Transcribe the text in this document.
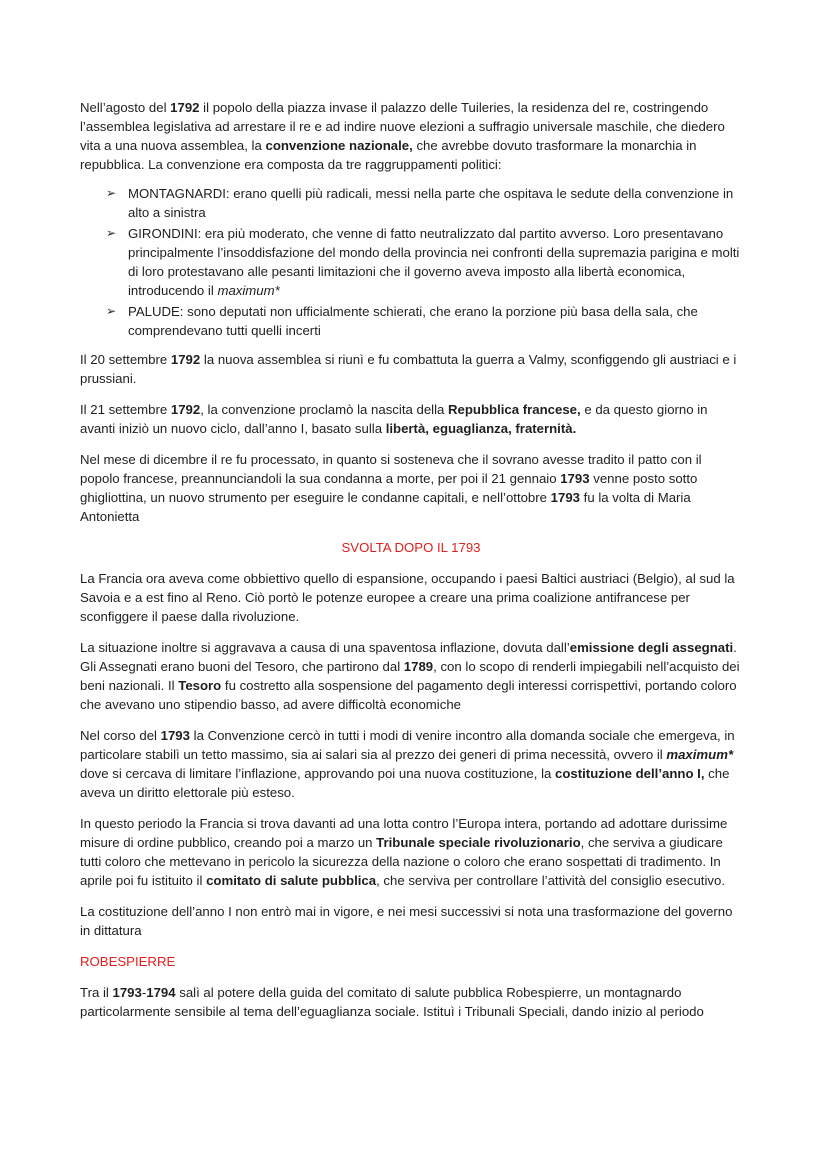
Nell’agosto del 1792 il popolo della piazza invase il palazzo delle Tuileries, la residenza del re, costringendo l’assemblea legislativa ad arrestare il re e ad indire nuove elezioni a suffragio universale maschile, che diedero vita a una nuova assemblea, la convenzione nazionale, che avrebbe dovuto trasformare la monarchia in repubblica. La convenzione era composta da tre raggruppamenti politici:

➢ MONTAGNARDI: erano quelli più radicali, messi nella parte che ospitava le sedute della convenzione in alto a sinistra
➢ GIRONDINI: era più moderato, che venne di fatto neutralizzato dal partito avverso. Loro presentavano principalmente l’insoddisfazione del mondo della provincia nei confronti della supremazia parigina e molti di loro protestavano alle pesanti limitazioni che il governo aveva imposto alla libertà economica, introducendo il maximum*
➢ PALUDE: sono deputati non ufficialmente schierati, che erano la porzione più basa della sala, che comprendevano tutti quelli incerti

Il 20 settembre 1792 la nuova assemblea si riunì e fu combattuta la guerra a Valmy, sconfiggendo gli austriaci e i prussiani.

Il 21 settembre 1792, la convenzione proclamò la nascita della Repubblica francese, e da questo giorno in avanti iniziò un nuovo ciclo, dall’anno I, basato sulla libertà, eguaglianza, fraternità.

Nel mese di dicembre il re fu processato, in quanto si sosteneva che il sovrano avesse tradito il patto con il popolo francese, preannunciandoli la sua condanna a morte, per poi il 21 gennaio 1793 venne posto sotto ghigliottina, un nuovo strumento per eseguire le condanne capitali, e nell’ottobre 1793 fu la volta di Maria Antonietta

SVOLTA DOPO IL 1793

La Francia ora aveva come obbiettivo quello di espansione, occupando i paesi Baltici austriaci (Belgio), al sud la Savoia e a est fino al Reno. Ciò portò le potenze europee a creare una prima coalizione antifrancese per sconfiggere il paese dalla rivoluzione.

La situazione inoltre si aggravava a causa di una spaventosa inflazione, dovuta dall’emissione degli assegnati. Gli Assegnati erano buoni del Tesoro, che partirono dal 1789, con lo scopo di renderli impiegabili nell’acquisto dei beni nazionali. Il Tesoro fu costretto alla sospensione del pagamento degli interessi corrispettivi, portando coloro che avevano uno stipendio basso, ad avere difficoltà economiche

Nel corso del 1793 la Convenzione cercò in tutti i modi di venire incontro alla domanda sociale che emergeva, in particolare stabilì un tetto massimo, sia ai salari sia al prezzo dei generi di prima necessità, ovvero il maximum* dove si cercava di limitare l’inflazione, approvando poi una nuova costituzione, la costituzione dell’anno I, che aveva un diritto elettorale più esteso.

In questo periodo la Francia si trova davanti ad una lotta contro l’Europa intera, portando ad adottare durissime misure di ordine pubblico, creando poi a marzo un Tribunale speciale rivoluzionario, che serviva a giudicare tutti coloro che mettevano in pericolo la sicurezza della nazione o coloro che erano sospettati di tradimento. In aprile poi fu istituito il comitato di salute pubblica, che serviva per controllare l’attività del consiglio esecutivo.

La costituzione dell’anno I non entrò mai in vigore, e nei mesi successivi si nota una trasformazione del governo in dittatura

ROBESPIERRE

Tra il 1793-1794 salì al potere della guida del comitato di salute pubblica Robespierre, un montagnardo particolarmente sensibile al tema dell’eguaglianza sociale. Istituì i Tribunali Speciali, dando inizio al periodo
